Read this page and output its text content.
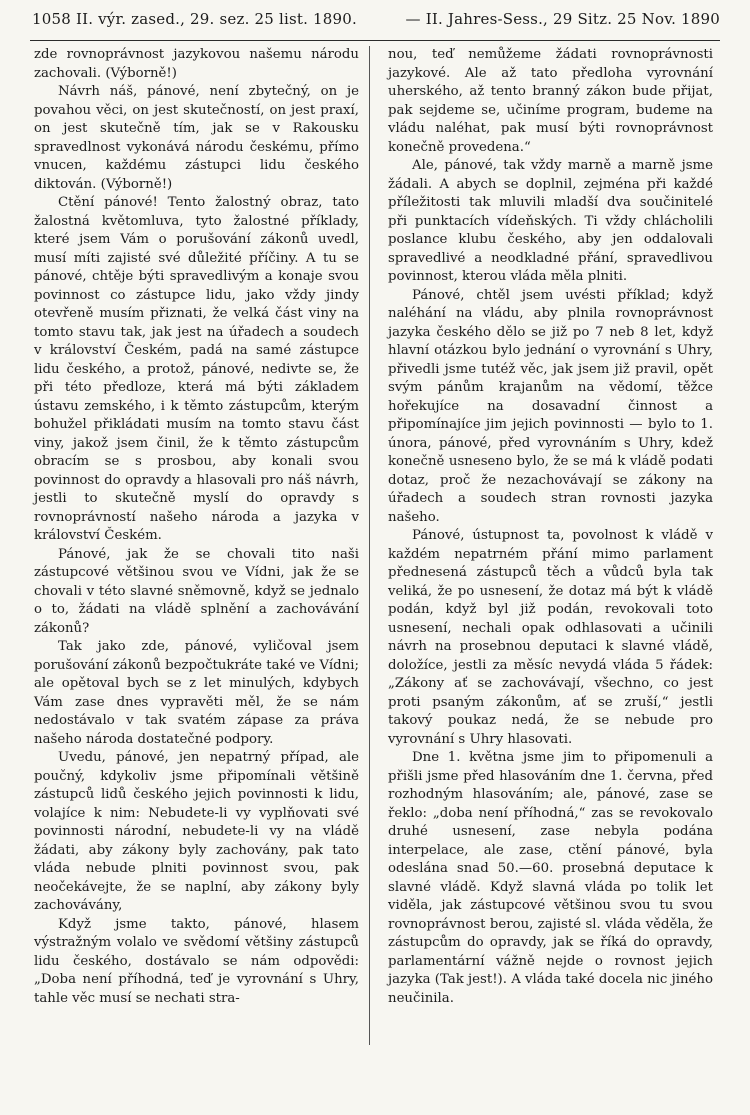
1058 II. výr. zased., 29. sez. 25 list. 1890.	— II. Jahres-Sess., 29 Sitz. 25 Nov. 1890

zde rovnoprávnost jazykovou našemu národu zachovali. (Výborně!)

Návrh náš, pánové, není zbytečný, on je povahou věci, on jest skutečností, on jest praxí, on jest skutečně tím, jak se v Rakousku spravedlnost vykonává národu českému, přímo vnucen, každému zástupci lidu českého diktován. (Výborně!)

Ctění pánové! Tento žalostný obraz, tato žalostná květomluva, tyto žalostné příklady, které jsem Vám o porušování zákonů uvedl, musí míti zajisté své důležité příčiny. A tu se pánové, chtěje býti spravedlivým a konaje svou povinnost co zástupce lidu, jako vždy jindy otevřeně musím přiznati, že velká část viny na tomto stavu tak, jak jest na úřadech a soudech v království Českém, padá na samé zástupce lidu českého, a protož, pánové, nedivte se, že při této předloze, která má býti základem ústavu zemského, i k těmto zástupcům, kterým bohužel přikládati musím na tomto stavu část viny, jakož jsem činil, že k těmto zástupcům obracím se s prosbou, aby konali svou povinnost do opravdy a hlasovali pro náš návrh, jestli to skutečně myslí do opravdy s rovnoprávností našeho národa a jazyka v království Českém.

Pánové, jak že se chovali tito naši zástupcové většinou svou ve Vídni, jak že se chovali v této slavné sněmovně, když se jednalo o to, žádati na vládě splnění a zachovávání zákonů?

Tak jako zde, pánové, vyličoval jsem porušování zákonů bezpočtukráte také ve Vídni; ale opětoval bych se z let minulých, kdybych Vám zase dnes vypravěti měl, že se nám nedostávalo v tak svatém zápase za práva našeho národa dostatečné podpory.

Uvedu, pánové, jen nepatrný případ, ale poučný, kdykoliv jsme připomínali většině zástupců lidů českého jejich povinnosti k lidu, volajíce k nim: Nebudete-li vy vyplňovati své povinnosti národní, nebudete-li vy na vládě žádati, aby zákony byly zachovány, pak tato vláda nebude plniti povinnost svou, pak neočekávejte, že se naplní, aby zákony byly zachovávány,

Když jsme takto, pánové, hlasem výstražným volalo ve svědomí většiny zástupců lidu českého, dostávalo se nám odpovědi: „Doba není příhodná, teď je vyrovnání s Uhry, tahle věc musí se nechati stra-

nou, teď nemůžeme žádati rovnoprávnosti jazykové. Ale až tato předloha vyrovnání uherského, až tento branný zákon bude přijat, pak sejdeme se, učiníme program, budeme na vládu naléhat, pak musí býti rovnoprávnost konečně provedena.“

Ale, pánové, tak vždy marně a marně jsme žádali. A abych se doplnil, zejména při každé příležitosti tak mluvili mladší dva součinitelé při punktacích vídeňských. Ti vždy chlácholili poslance klubu českého, aby jen oddalovali spravedlivé a neodkladné přání, spravedlivou povinnost, kterou vláda měla plniti.

Pánové, chtěl jsem uvésti příklad; když naléhání na vládu, aby plnila rovnoprávnost jazyka českého dělo se již po 7 neb 8 let, když hlavní otázkou bylo jednání o vyrovnání s Uhry, přivedli jsme tutéž věc, jak jsem již pravil, opět svým pánům krajanům na vědomí, těžce hořekujíce na dosavadní činnost a připomínajíce jim jejich povinnosti — bylo to 1. února, pánové, před vyrovnáním s Uhry, kdež konečně usneseno bylo, že se má k vládě podati dotaz, proč že nezachovávají se zákony na úřadech a soudech stran rovnosti jazyka našeho.

Pánové, ústupnost ta, povolnost k vládě v každém nepatrném přání mimo parlament přednesená zástupců těch a vůdců byla tak veliká, že po usnesení, že dotaz má být k vládě podán, když byl již podán, revokovali toto usnesení, nechali opak odhlasovati a učinili návrh na prosebnou deputaci k slavné vládě, doložíce, jestli za měsíc nevydá vláda 5 řádek: „Zákony ať se zachovávají, všechno, co jest proti psaným zákonům, ať se zruší,“ jestli takový poukaz nedá, že se nebude pro vyrovnání s Uhry hlasovati.

Dne 1. května jsme jim to připomenuli a přišli jsme před hlasováním dne 1. června, před rozhodným hlasováním; ale, pánové, zase se řeklo: „doba není příhodná,“ zas se revokovalo druhé usnesení, zase nebyla podána interpelace, ale zase, ctění pánové, byla odeslána snad 50.—60. prosebná deputace k slavné vládě. Když slavná vláda po tolik let viděla, jak zástupcové většinou svou tu svou rovnoprávnost berou, zajisté sl. vláda věděla, že zástupcům do opravdy, jak se říká do opravdy, parlamentární vážně nejde o rovnost jejich jazyka (Tak jest!). A vláda také docela nic jiného neučinila.
